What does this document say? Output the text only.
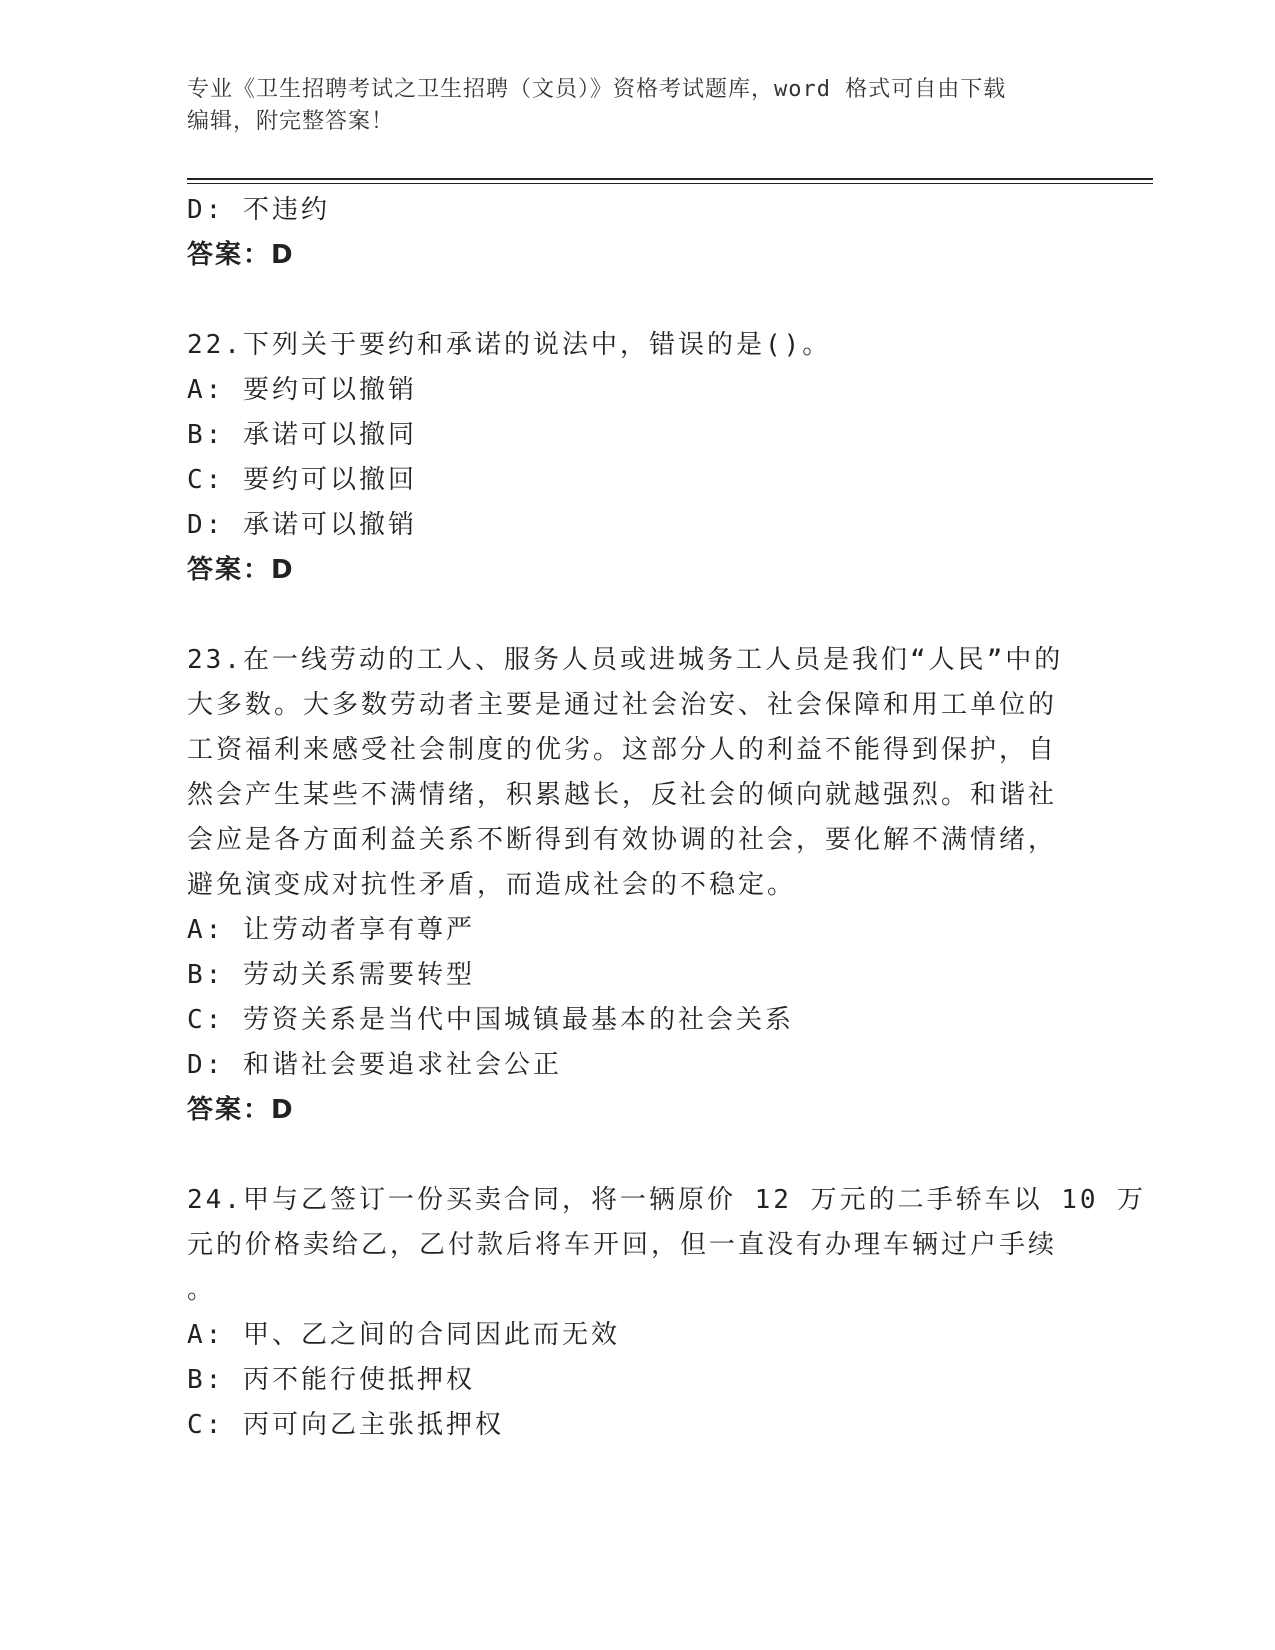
专业《卫生招聘考试之卫生招聘（文员）》资格考试题库，word 格式可自由下载
编辑，附完整答案！
D: 不违约
答案：D
22.下列关于要约和承诺的说法中，错误的是()。
A: 要约可以撤销
B: 承诺可以撤同
C: 要约可以撤回
D: 承诺可以撤销
答案：D
23.在一线劳动的工人、服务人员或进城务工人员是我们“人民”中的
大多数。大多数劳动者主要是通过社会治安、社会保障和用工单位的
工资福利来感受社会制度的优劣。这部分人的利益不能得到保护，自
然会产生某些不满情绪，积累越长，反社会的倾向就越强烈。和谐社
会应是各方面利益关系不断得到有效协调的社会，要化解不满情绪，
避免演变成对抗性矛盾，而造成社会的不稳定。
A: 让劳动者享有尊严
B: 劳动关系需要转型
C: 劳资关系是当代中国城镇最基本的社会关系
D: 和谐社会要追求社会公正
答案：D
24.甲与乙签订一份买卖合同，将一辆原价 12 万元的二手轿车以 10 万
元的价格卖给乙，乙付款后将车开回，但一直没有办理车辆过户手续
。
A: 甲、乙之间的合同因此而无效
B: 丙不能行使抵押权
C: 丙可向乙主张抵押权
